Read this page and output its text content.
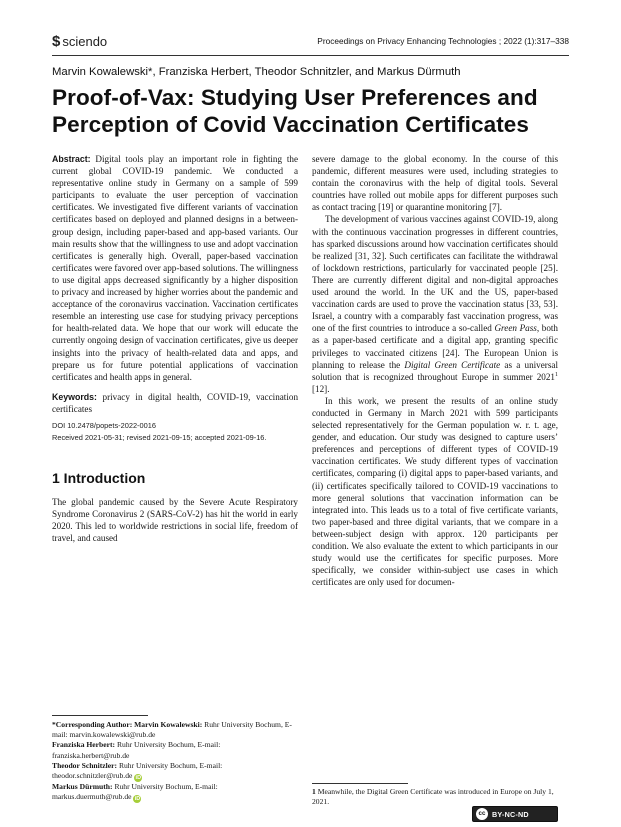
$ sciendo	Proceedings on Privacy Enhancing Technologies ; 2022 (1):317–338
Marvin Kowalewski*, Franziska Herbert, Theodor Schnitzler, and Markus Dürmuth
Proof-of-Vax: Studying User Preferences and Perception of Covid Vaccination Certificates

Abstract: Digital tools play an important role in fighting the current global COVID-19 pandemic. We conducted a representative online study in Germany on a sample of 599 participants to evaluate the user perception of vaccination certificates. We investigated five different variants of vaccination certificates based on deployed and planned designs in a between-group design, including paper-based and app-based variants. Our main results show that the willingness to use and adopt vaccination certificates is generally high. Overall, paper-based vaccination certificates were favored over app-based solutions. The willingness to use digital apps decreased significantly by a higher disposition to privacy and increased by higher worries about the pandemic and acceptance of the coronavirus vaccination. Vaccination certificates resemble an interesting use case for studying privacy perceptions for health-related data. We hope that our work will educate the currently ongoing design of vaccination certificates, give us deeper insights into the privacy of health-related data and apps, and prepare us for future potential applications of vaccination certificates and health apps in general.

Keywords: privacy in digital health, COVID-19, vaccination certificates

DOI 10.2478/popets-2022-0016

Received 2021-05-31; revised 2021-09-15; accepted 2021-09-16.

1 Introduction

The global pandemic caused by the Severe Acute Respiratory Syndrome Coronavirus 2 (SARS-CoV-2) has hit the world in early 2020. This led to worldwide restrictions in social life, freedom of travel, and caused

*Corresponding Author: Marvin Kowalewski: Ruhr University Bochum, E-mail: marvin.kowalewski@rub.de

Franziska Herbert: Ruhr University Bochum, E-mail: franziska.herbert@rub.de

Theodor Schnitzler: Ruhr University Bochum, E-mail: theodor.schnitzler@rub.de iD

Markus Dürmuth: Ruhr University Bochum, E-mail: markus.duermuth@rub.de iD

severe damage to the global economy. In the course of this pandemic, different measures were used, including strategies to contain the coronavirus with the help of digital tools. Several countries have rolled out mobile apps for different purposes such as contact tracing [19] or quarantine monitoring [7].

The development of various vaccines against COVID-19, along with the continuous vaccination progresses in different countries, has sparked discussions around how vaccination certificates should be realized [31, 32]. Such certificates can facilitate the withdrawal of lockdown restrictions, particularly for vaccinated people [25]. There are currently different digital and non-digital approaches used around the world. In the UK and the US, paper-based vaccination cards are used to prove the vaccination status [33, 53]. Israel, a country with a comparably fast vaccination progress, was one of the first countries to introduce a so-called Green Pass, both as a paper-based certificate and a digital app, granting specific privileges to vaccinated citizens [24]. The European Union is planning to release the Digital Green Certificate as a universal solution that is recognized throughout Europe in summer 2021$^1$ [12].

In this work, we present the results of an online study conducted in Germany in March 2021 with 599 participants selected representatively for the German population w. r. t. age, gender, and education. Our study was designed to capture users’ preferences and perceptions of different types of COVID-19 vaccination certificates. We study different types of vaccination certificates, comparing (i) digital apps to paper-based variants, and (ii) certificates specifically tailored to COVID-19 vaccinations to more general solutions that vaccination information can be integrated into. This leads us to a total of five certificate variants, two paper-based and three digital variants, that we compare in a between-subject design with approx. 120 participants per condition. We also evaluate the extent to which participants in our study would use the certificates for specific purposes. More specifically, we consider within-subject use cases in which certificates are only used for documen-

1 Meanwhile, the Digital Green Certificate was introduced in Europe on July 1, 2021.

cc BY-NC-ND
